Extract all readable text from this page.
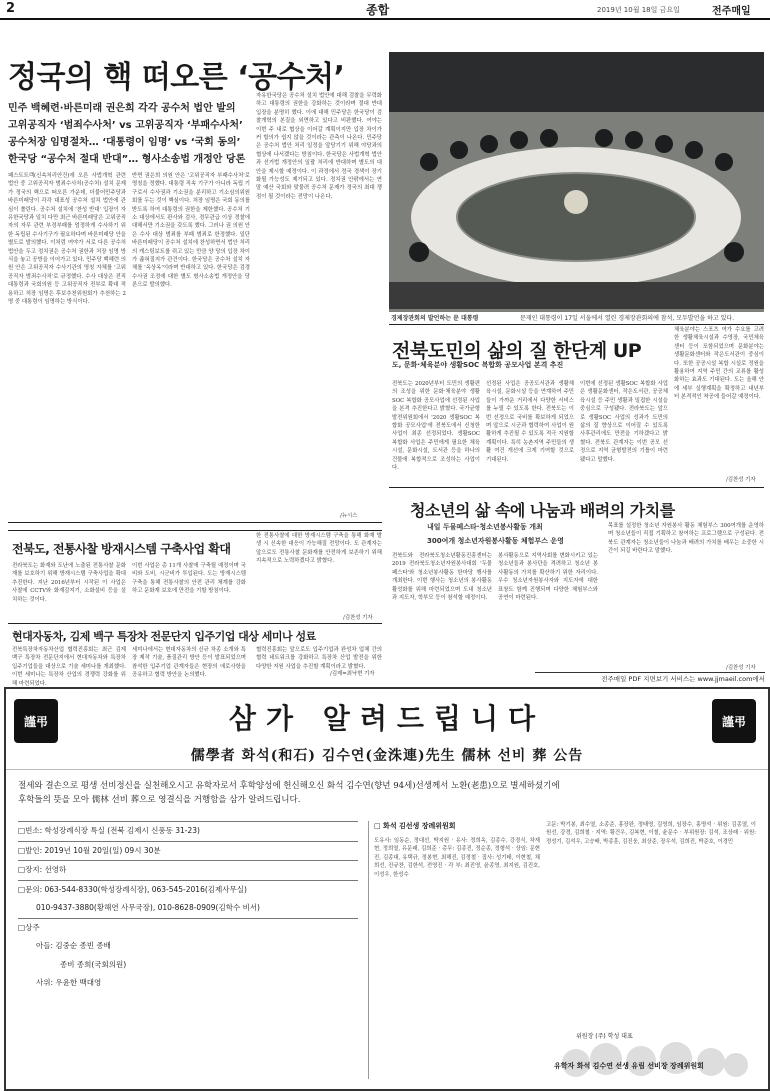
2	종합	2019년 10월 18일 금요일	전주매일
정국의 핵 떠오른 ‘공수처’
민주 백혜련·바른미래 권은희 각각 공수처 법안 발의
고위공직자 ‘범죄수사처’ vs 고위공직자 ‘부패수사처’
공수처장 임명절차… ‘대통령이 임명’ vs ‘국회 동의’
한국당 “공수처 절대 반대”… 형사소송법 개정안 당론
패스트트랙(신속처리안건)에 오른 사법개혁 관련 법안 중 고위공직자 범죄수사처(공수처) 설치 문제가 정국의 핵으로 떠오른 가운데, 더불어민주당과 바른미래당이 각각 대표성 공수처 설치 법안에 관심이 쏠린다. 공수처 설치에 '찬성 반대' 입장이 자유한국당과 일치 다만 최근 바른미래당은 고위공직자의 자무 관련 부정부패를 엄정하게 수사하기 위한 독립된 수사기구가 필요하다며 바른미래당 안을 별도로 발의했다. 이처럼 여야가 서로 다른 공수처 법안을 두고 정치권은 공수처 권한과 처장 임명 방식을 놓고 공방을 이어가고 있다. 민주당 백혜련 의원 안은 고위공직자 수사기관의 명칭 자체를 '고위공직자 범죄수사처'로 규정했다. 수사 대상은 전직 대통령과 국회의원 등 고위공직자 전부로 확대 적용하고 처장 임명은 후보추천위원회가 추천하는 2명 중 대통령이 임명하는 방식이다.
반면 권은희 의원 안은 '고위공직자 부패수사처'로 명칭을 정했다. 대통령 직속 기구가 아니라 독립 기구로서 수사권과 기소권을 분리하고 기소심의위원회를 두는 것이 핵심이다. 처장 임명은 국회 동의를 받도록 하여 대통령의 권한을 제한했다. 공수처 기소 대상에서도 판사와 검사, 경무관급 이상 경찰에 대해서만 기소권을 갖도록 했다. 그러나 권 의원 안은 수사 대상 범죄를 부패 범죄로 한정했다. 일단 바른미래당이 공수처 설치에 찬성하면서 법안 처리의 캐스팅보트를 쥐고 있는 만큼 양 당의 입장 차이가 좁혀질지가 관건이다. 한국당은 공수처 설치 자체를 '옥상옥'이라며 반대하고 있다. 한국당은 검경 수사권 조정에 대한 별도 형사소송법 개정안을 당론으로 발의했다.
자유한국당은 공수처 설치 법안에 대해 검찰을 무력화하고 대통령의 권한을 강화하는 것이라며 절대 반대 입장을 분명히 했다. 이에 대해 민주당은 한국당이 검찰개혁의 본질을 외면하고 있다고 비판했다. 여야는 이번 주 내로 협상을 이어갈 계획이지만 입장 차이가 커 합의가 쉽지 않을 것이라는 관측이 나온다. 민주당은 공수처 법안 처리 일정을 앞당기기 위해 야당과의 협상에 나서겠다는 방침이다. 한국당은 사법개혁 법안과 선거법 개정안의 일괄 처리에 반대하며 별도의 대안을 제시할 예정이다. 이 과정에서 정국 경색이 장기화될 가능성도 제기되고 있다. 정치권 안팎에서는 연말 예산 국회와 맞물려 공수처 문제가 정국의 최대 쟁점이 될 것이라는 전망이 나온다.
/뉴시스
경제장관회의 발언하는 문 대통령	문재인 대통령이 17일 서울에서 열린 경제장관회의에 참석, 모두발언을 하고 있다.
전북도민의 삶의 질 한단계 UP
도, 문화·체육분야 생활SOC 복합화 공모사업 본격 추진
전북도는 2020년부터 도민의 생활편의 조성을 위한 문화·체육분야 생활SOC 복합화 공모사업에 선정된 사업을 본격 추진한다고 밝혔다. 국가균형발전위원회에서 '2020 생활SOC 복합화 공모사업'에 전북도에서 신청한 사업이 최종 선정되었다. 생활SOC 복합화 사업은 주민에게 필요한 체육시설, 문화시설, 도서관 등을 하나의 건물에 복합적으로 조성하는 사업이다.
선정된 사업은 공공도서관과 생활체육시설, 문화시설 등을 연계하여 주민들이 가까운 거리에서 다양한 서비스를 누릴 수 있도록 한다. 전북도는 이번 선정으로 국비를 확보하게 되었으며 앞으로 시군과 협력하여 사업이 원활하게 추진될 수 있도록 적극 지원할 계획이다. 특히 농촌지역 주민들의 생활 여건 개선에 크게 기여할 것으로 기대된다.
이번에 선정된 생활SOC 복합화 사업은 생활문화센터, 작은도서관, 공공체육시설 등 주민 생활과 밀접한 시설을 중심으로 구성됐다. 전라북도는 앞으로 생활SOC 사업의 성과가 도민의 삶의 질 향상으로 이어질 수 있도록 사후관리에도 만전을 기하겠다고 밝혔다. 전북도 관계자는 이번 공모 선정으로 지역 균형발전의 기틀이 마련됐다고 말했다.
체육분야는 스포츠 여가 수요를 고려한 생활체육시설과 수영장, 국민체육센터 등이 포함되었으며 문화분야는 생활문화센터와 작은도서관이 중심이다. 또한 공공시설 복합 시설로 정원을 활용하여 지역 주민 간의 교류를 활성화하는 효과도 기대된다. 도는 올해 안에 세부 실행계획을 확정하고 내년부터 본격적인 착공에 들어갈 예정이다.
/김찬성 기자
청소년의 삶 속에 나눔과 배려의 가치를
내일 두물페스타·청소년봉사활동 개최
300여개 청소년자원봉사활동 체험부스 운영
전북도와 전라북도청소년활동진흥센터는 2019 전라북도청소년자원봉사대회 '두물페스타'와 청소년봉사활동 한마당 행사를 개최한다. 이번 행사는 청소년의 봉사활동 활성화를 위해 마련되었으며 도내 청소년과 지도자, 학부모 등이 참석할 예정이다.
봉사활동으로 지역사회를 변화시키고 있는 청소년들과 봉사단을 격려하고 청소년 봉사활동의 가치를 확산하기 위한 자리이다. 우수 청소년자원봉사자와 지도자에 대한 표창도 함께 진행되며 다양한 체험부스와 공연이 마련된다.
목표를 설정한 청소년 자원봉사 활동 체험부스 300여개를 운영하며 청소년들이 직접 기획하고 참여하는 프로그램으로 구성된다. 전북도 관계자는 청소년들이 나눔과 배려의 가치를 배우는 소중한 시간이 되길 바란다고 말했다.
/김찬성 기자
전북도, 전통사찰 방재시스템 구축사업 확대
전라북도는 화재와 도난에 노출된 전통사찰 문화재를 보호하기 위해 방재시스템 구축사업을 확대 추진한다. 지난 2016년부터 시작된 이 사업은 사찰에 CCTV와 화재감지기, 소화설비 등을 설치하는 것이다.
이번 사업은 총 11개 사찰에 구축될 예정이며 국비와 도비, 시군비가 투입된다. 도는 방재시스템 구축을 통해 전통사찰의 안전 관리 체계를 강화하고 문화재 보호에 만전을 기할 방침이다.
한 전통사찰에 대한 방재시스템 구축을 통해 화재 발생 시 신속한 대응이 가능해질 전망이다. 도 관계자는 앞으로도 전통사찰 문화재를 안전하게 보존하기 위해 지속적으로 노력하겠다고 밝혔다.
/김찬성 기자
현대자동차, 김제 백구 특장차 전문단지 입주기업 대상 세미나 성료
전북특장차자동차산업 협력진흥회는 최근 김제 백구 특장차 전문단지에서 현대자동차와 특장차 입주기업들을 대상으로 기술 세미나를 개최했다. 이번 세미나는 특장차 산업의 경쟁력 강화를 위해 마련되었다.
세미나에서는 현대자동차의 신규 차종 소개와 특장 제작 기술, 품질관리 방안 등이 발표되었으며 참석한 입주기업 관계자들은 현장의 애로사항을 공유하고 협력 방안을 논의했다.
협력진흥회는 앞으로도 입주기업과 완성차 업체 간의 협력 네트워크를 강화하고 특장차 산업 발전을 위한 다양한 지원 사업을 추진할 계획이라고 밝혔다.
/김제=최낙현 기자
전주매일 PDF 지면보기 서비스는 www.jjmaeil.com에서
謹弔	謹弔
삼가 알려드립니다
儒學者 화석(和石) 김수연(金洙連)先生 儒林 선비 葬 公告
절세와 결손으로 평생 선비정신을 실천해오시고 유학자로서 후학양성에 헌신해오신 화석 김수연(향년 94세)선생께서 노환(老患)으로 별세하셨기에
후학들의 뜻을 모아 儒林 선비 葬으로 영결식을 거행함을 삼가 알려드립니다.
□빈소: 학성장례식장 특실 (전북 김제시 신풍동 31-23)
□발인: 2019년 10월 20일(일) 09시 30분
□장지: 선영하
□문의: 063-544-8330(학성장례식장), 063-545-2016(김제사무실)
010-9437-3880(황해연 사무국장), 010-8628-0909(김학수 비서)
□상주
아들: 김중순 종빈 종배
종비 종희(국회의원)
사위: 우윤한 백대영
□ 화석 김선생 장례위원회
도유사: 임동순, 정대선, 박지원 · 유사: 정희옥, 김종수, 강경식, 차재현, 정희열, 유문래, 김희준 · 총무: 김종진, 정순종, 정형석 · 상임: 문현진, 김종대, 유택규, 정봉현, 최해진, 김정철 · 집사: 성기태, 이현철, 채희선, 진규찬, 김한석, 전영진 · 각 부: 최진영, 윤종영, 최지원, 김진호, 이성우, 한성수
고문: 박기봉, 최수열, 소종준, 홍장완, 정태영, 김영희, 임장수, 홍명석 · 위원: 김종열, 이원선, 강경, 김희철 · 지역: 황건우, 김복현, 이철, 윤문수 · 부위원장: 김석, 조상래 · 위원: 정성기, 김석우, 고승배, 박종훈, 김진웅, 최상준, 장우석, 김희진, 박준호, 이경민
위원장 (주) 학성 대표
유학자 화석 김수연 선생 유림 선비장 장례위원회
